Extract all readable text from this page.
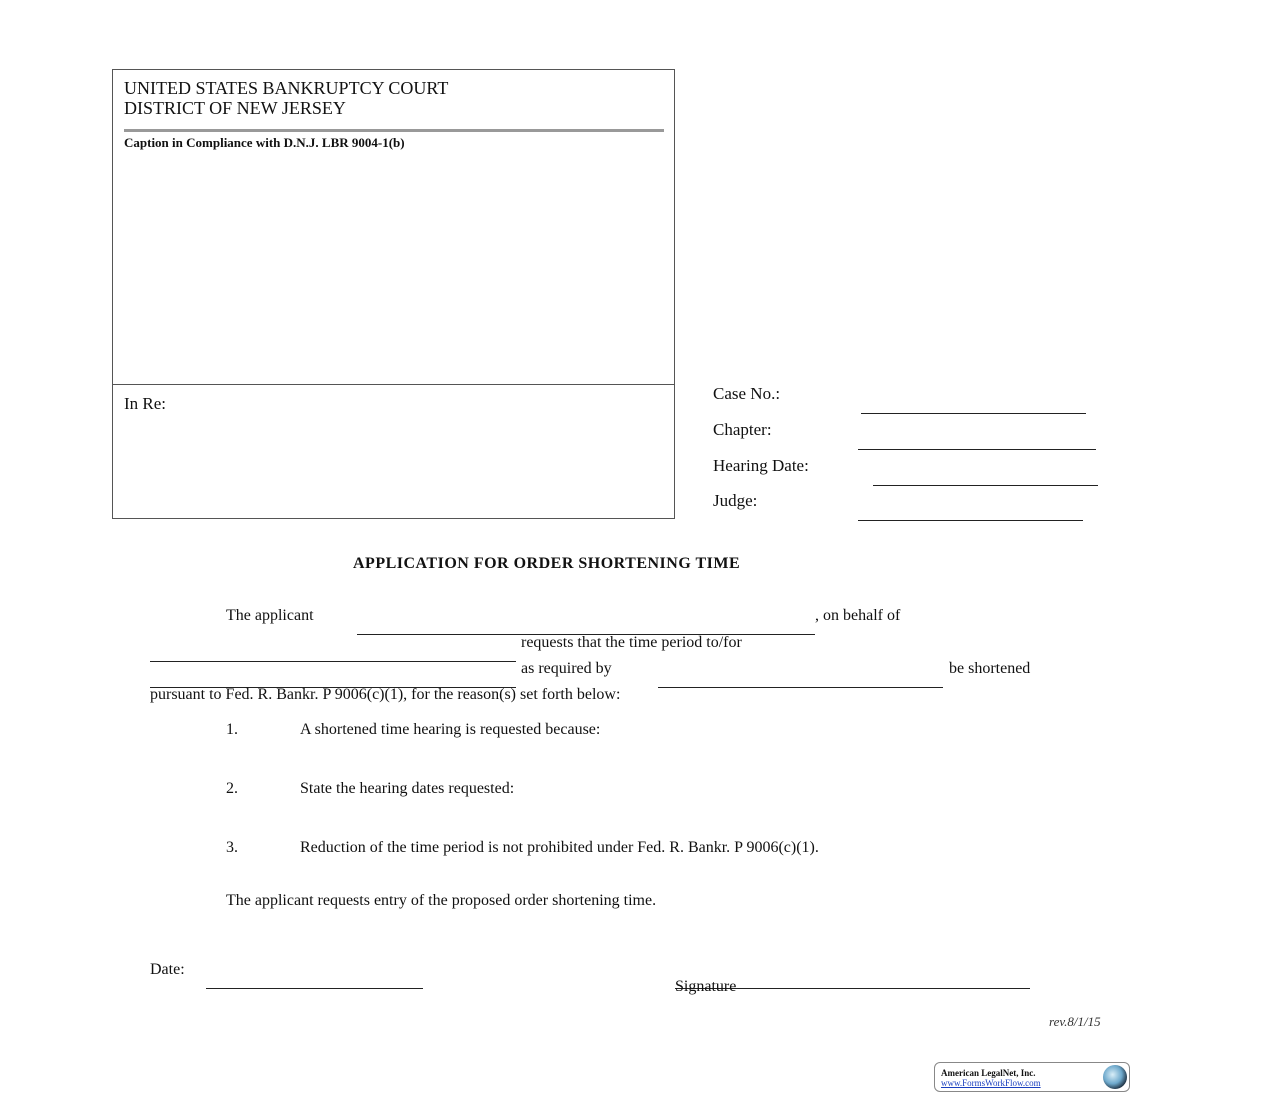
UNITED STATES BANKRUPTCY COURT
DISTRICT OF NEW JERSEY
Caption in Compliance with D.N.J. LBR 9004-1(b)
In Re:
Case No.:
Chapter:
Hearing Date:
Judge:
APPLICATION FOR ORDER SHORTENING TIME
The applicant	, on behalf of
requests that the time period to/for
as required by	be shortened
pursuant to Fed. R. Bankr. P 9006(c)(1), for the reason(s) set forth below:
1.	A shortened time hearing is requested because:
2.	State the hearing dates requested:
3.	Reduction of the time period is not prohibited under Fed. R. Bankr. P 9006(c)(1).
The applicant requests entry of the proposed order shortening time.
Date:
Signature
rev.8/1/15
American LegalNet, Inc.
www.FormsWorkFlow.com
